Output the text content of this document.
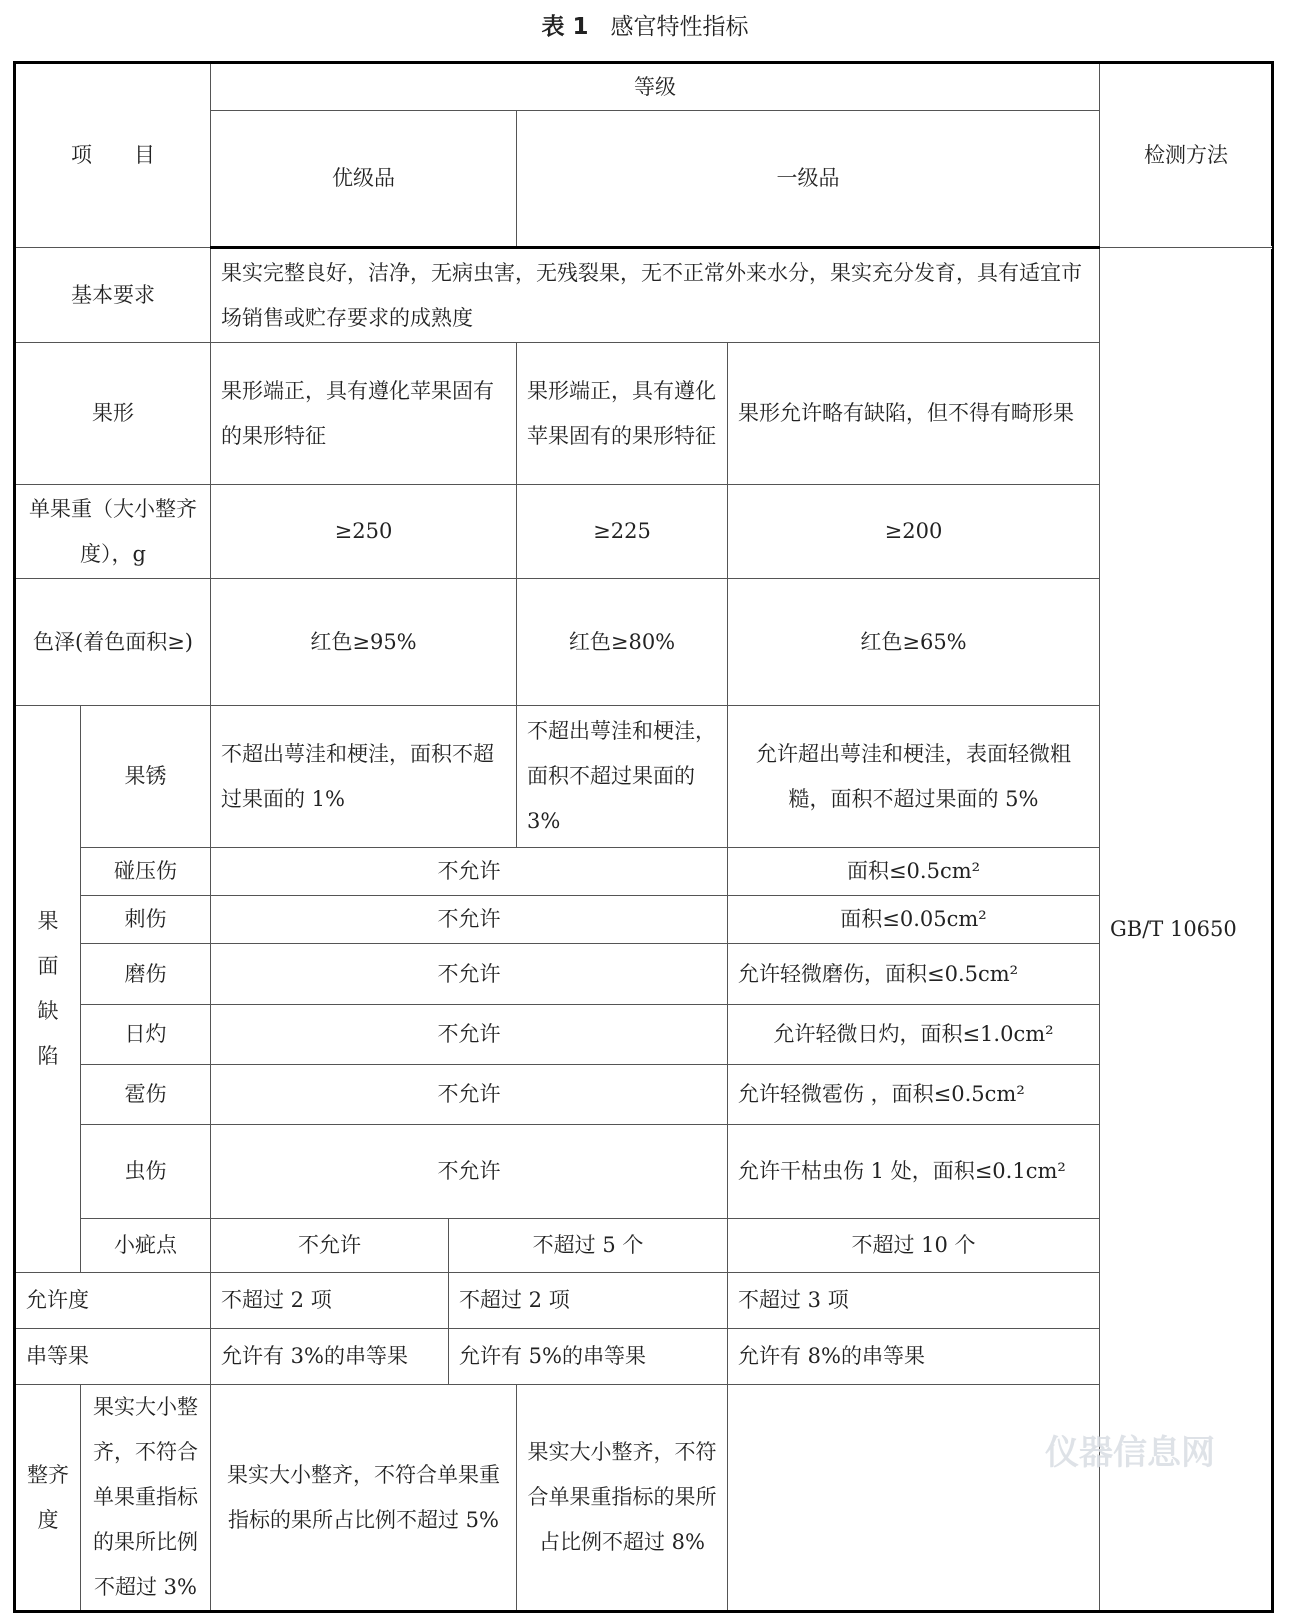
表 1 感官特性指标
项　　目		等级				检测方法	
		优级品		一级品	
基本要求		果实完整良好，洁净，无病虫害，无残裂果，无不正常外来水分，果实充分发育，具有适宜市场销售或贮存要求的成熟度				GB/T 10650	
果形		果形端正，具有遵化苹果固有的果形特征		果形端正，具有遵化苹果固有的果形特征	果形允许略有缺陷，但不得有畸形果		
单果重（大小整齐度），g		≥250		≥225	≥200		
色泽(着色面积≥)		红色≥95%		红色≥80%	红色≥65%		

果
面
缺
陷	果锈	不超出萼洼和梗洼，面积不超过果面的 1%		不超出萼洼和梗洼，面积不超过果面的 3%	允许超出萼洼和梗洼，表面轻微粗糙，面积不超过果面的 5%		
	碰压伤	不允许			面积≤0.5cm²		
	刺伤	不允许			面积≤0.05cm²		
	磨伤	不允许			允许轻微磨伤，面积≤0.5cm²		
	日灼	不允许			允许轻微日灼，面积≤1.0cm²		
	雹伤	不允许			允许轻微雹伤 ，面积≤0.5cm²		
	虫伤	不允许			允许干枯虫伤 1 处，面积≤0.1cm²		
	小疵点	不允许	不超过 5 个		不超过 10 个		
允许度		不超过 2 项	不超过 2 项		不超过 3 项		
串等果		允许有 3%的串等果	允许有 5%的串等果		允许有 8%的串等果		
整齐度	果实大小整齐，不符合单果重指标的果所比例不超过 3%	果实大小整齐，不符合单果重指标的果所占比例不超过 5%		果实大小整齐，不符合单果重指标的果所占比例不超过 8%			
仪器信息网
